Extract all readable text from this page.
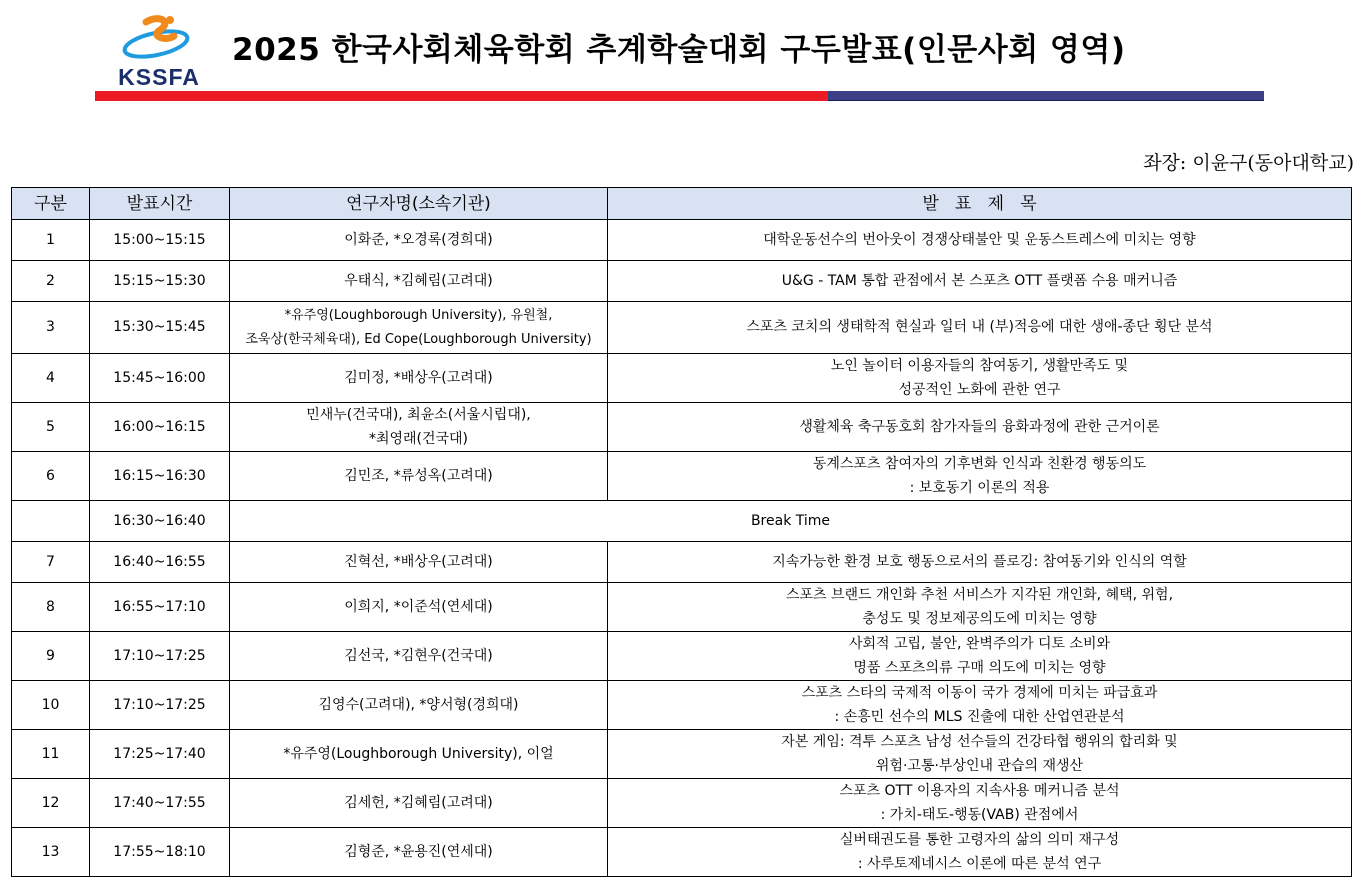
KSSFA
2025 한국사회체육학회 추계학술대회 구두발표(인문사회 영역)
좌장: 이윤구(동아대학교)
구분	발표시간	연구자명(소속기관)	발   표   제   목

1	15:00~15:15	이화준, *오경록(경희대)	대학운동선수의 번아웃이 경쟁상태불안 및 운동스트레스에 미치는 영향

2	15:15~15:30	우태식, *김혜림(고려대)	U&G - TAM 통합 관점에서 본 스포츠 OTT 플랫폼 수용 매커니즘

3	15:30~15:45	*유주영(Loughborough University), 유원철,
조욱상(한국체육대), Ed Cope(Loughborough University)	스포츠 코치의 생태학적 현실과 일터 내 (부)적응에 대한 생애-종단 횡단 분석

4	15:45~16:00	김미정, *배상우(고려대)	노인 놀이터 이용자들의 참여동기, 생활만족도 및
성공적인 노화에 관한 연구

5	16:00~16:15	민새누(건국대), 최윤소(서울시립대),
*최영래(건국대)	생활체육 축구동호회 참가자들의 융화과정에 관한 근거이론

6	16:15~16:30	김민조, *류성옥(고려대)	동계스포츠 참여자의 기후변화 인식과 친환경 행동의도
: 보호동기 이론의 적용

	16:30~16:40	Break Time	

7	16:40~16:55	진혁선, *배상우(고려대)	지속가능한 환경 보호 행동으로서의 플로깅: 참여동기와 인식의 역할

8	16:55~17:10	이희지, *이준석(연세대)	스포츠 브랜드 개인화 추천 서비스가 지각된 개인화, 혜택, 위험,
충성도 및 정보제공의도에 미치는 영향

9	17:10~17:25	김선국, *김현우(건국대)	사회적 고립, 불안, 완벽주의가 디토 소비와
명품 스포츠의류 구매 의도에 미치는 영향

10	17:10~17:25	김영수(고려대), *양서형(경희대)	스포츠 스타의 국제적 이동이 국가 경제에 미치는 파급효과
: 손흥민 선수의 MLS 진출에 대한 산업연관분석

11	17:25~17:40	*유주영(Loughborough University), 이얼	자본 게임: 격투 스포츠 남성 선수들의 건강타협 행위의 합리화 및
위험·고통·부상인내 관습의 재생산

12	17:40~17:55	김세헌, *김혜림(고려대)	스포츠 OTT 이용자의 지속사용 메커니즘 분석
: 가치-태도-행동(VAB) 관점에서

13	17:55~18:10	김형준, *윤용진(연세대)	실버태권도를 통한 고령자의 삶의 의미 재구성
: 사루토제네시스 이론에 따른 분석 연구
